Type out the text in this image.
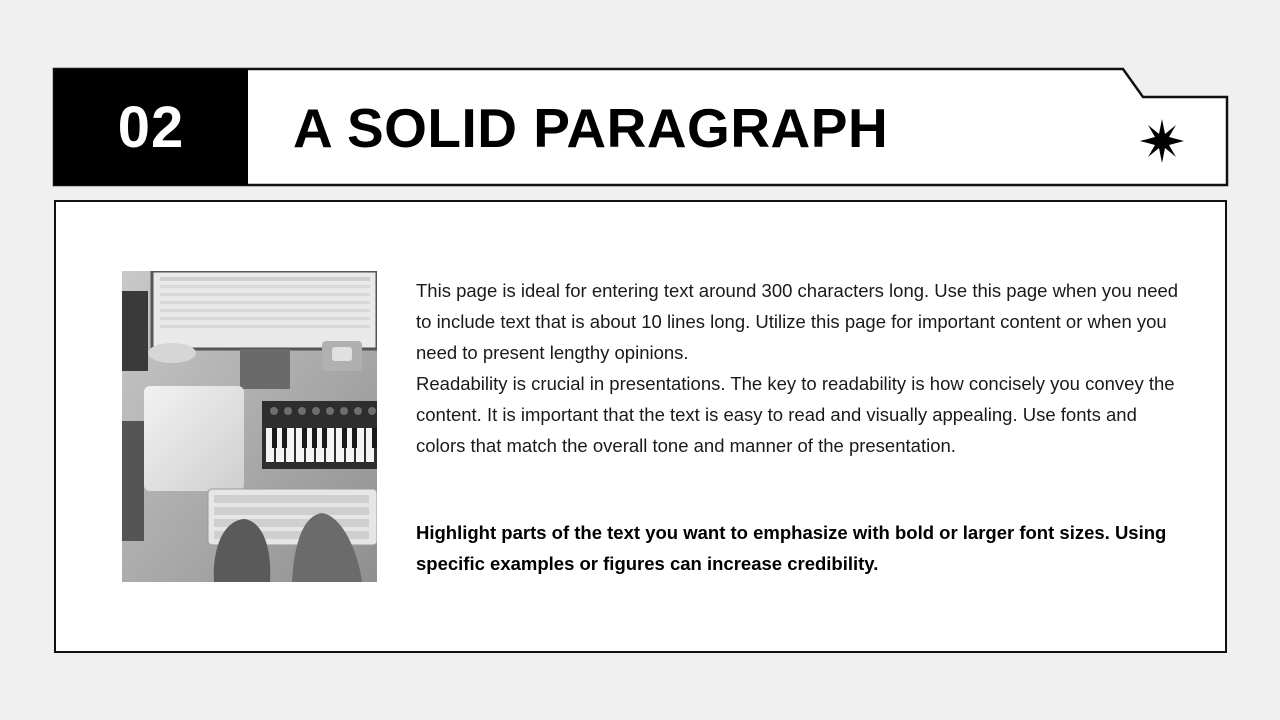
02 A SOLID PARAGRAPH

This page is ideal for entering text around 300 characters long. Use this page when you need to include text that is about 10 lines long. Utilize this page for important content or when you need to present lengthy opinions.

Readability is crucial in presentations. The key to readability is how concisely you convey the content. It is important that the text is easy to read and visually appealing. Use fonts and colors that match the overall tone and manner of the presentation.

Highlight parts of the text you want to emphasize with bold or larger font sizes. Using specific examples or figures can increase credibility.
